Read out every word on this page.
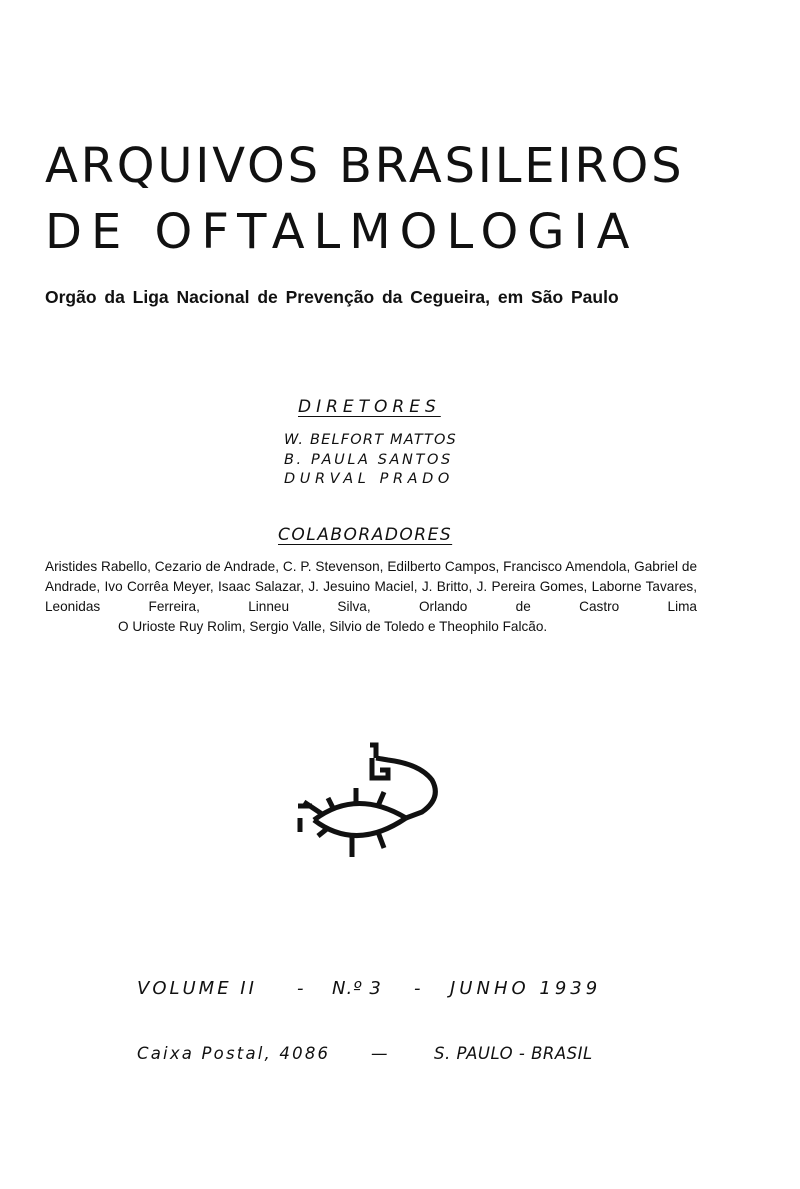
ARQUIVOS BRASILEIROS
DE OFTALMOLOGIA
Orgão da Liga Nacional de Prevenção da Cegueira, em São Paulo
DIRETORES
W. BELFORT MATTOS
B. PAULA SANTOS
DURVAL PRADO
COLABORADORES
Aristides Rabello, Cezario de Andrade, C. P. Stevenson, Edilberto Campos, Francisco Amendola, Gabriel de Andrade, Ivo Corrêa Meyer, Isaac Salazar, J. Jesuino Maciel, J. Britto, J. Pereira Gomes, Laborne Tavares, Leonidas Ferreira, Linneu Silva, Orlando de Castro Lima
O Urioste Ruy Rolim, Sergio Valle, Silvio de Toledo e Theophilo Falcão.
VOLUME II - N.º 3 - JUNHO 1939
Caixa Postal, 4086 —	S. PAULO - BRASIL
